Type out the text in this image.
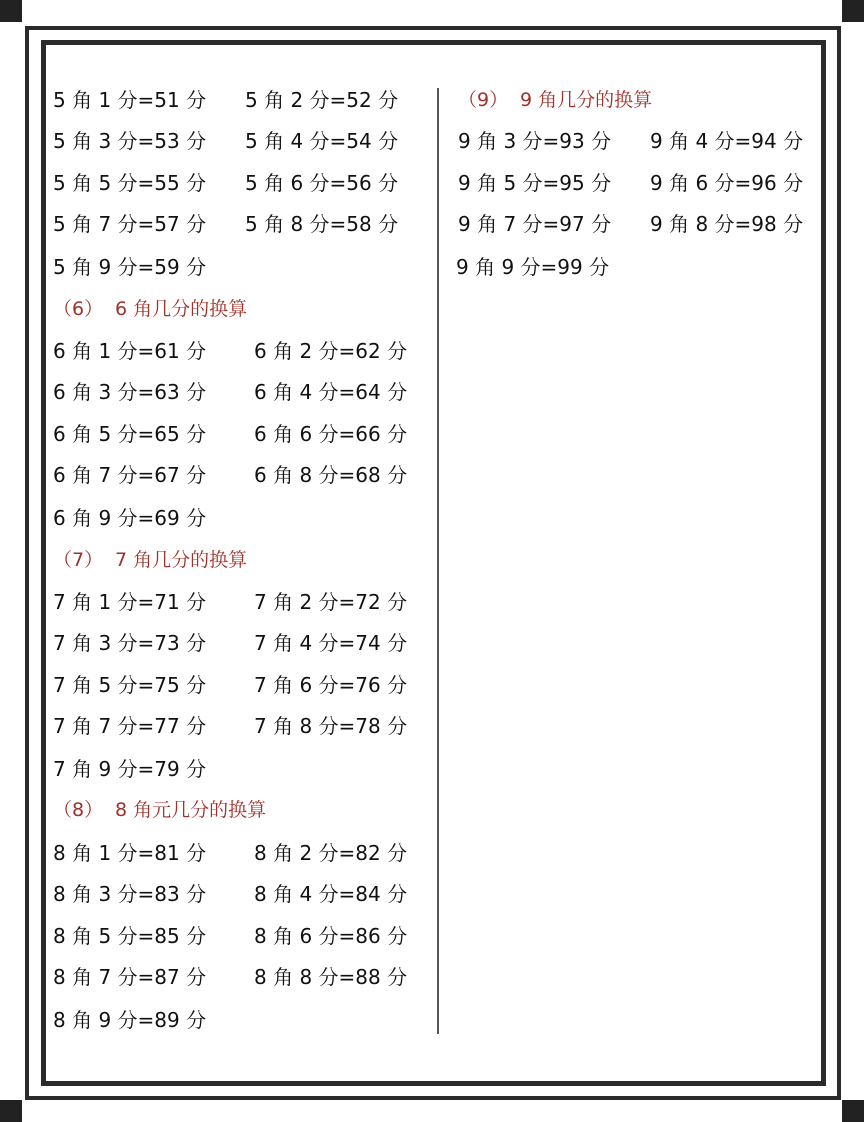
5 角 1 分=51 分 5 角 2 分=52 分
5 角 3 分=53 分 5 角 4 分=54 分
5 角 5 分=55 分 5 角 6 分=56 分
5 角 7 分=57 分 5 角 8 分=58 分
5 角 9 分=59 分
（6） 6 角几分的换算
6 角 1 分=61 分 6 角 2 分=62 分
6 角 3 分=63 分 6 角 4 分=64 分
6 角 5 分=65 分 6 角 6 分=66 分
6 角 7 分=67 分 6 角 8 分=68 分
6 角 9 分=69 分
（7） 7 角几分的换算
7 角 1 分=71 分 7 角 2 分=72 分
7 角 3 分=73 分 7 角 4 分=74 分
7 角 5 分=75 分 7 角 6 分=76 分
7 角 7 分=77 分 7 角 8 分=78 分
7 角 9 分=79 分
（8） 8 角元几分的换算
8 角 1 分=81 分 8 角 2 分=82 分
8 角 3 分=83 分 8 角 4 分=84 分
8 角 5 分=85 分 8 角 6 分=86 分
8 角 7 分=87 分 8 角 8 分=88 分
8 角 9 分=89 分
（9） 9 角几分的换算
9 角 3 分=93 分 9 角 4 分=94 分
9 角 5 分=95 分 9 角 6 分=96 分
9 角 7 分=97 分 9 角 8 分=98 分
9 角 9 分=99 分
